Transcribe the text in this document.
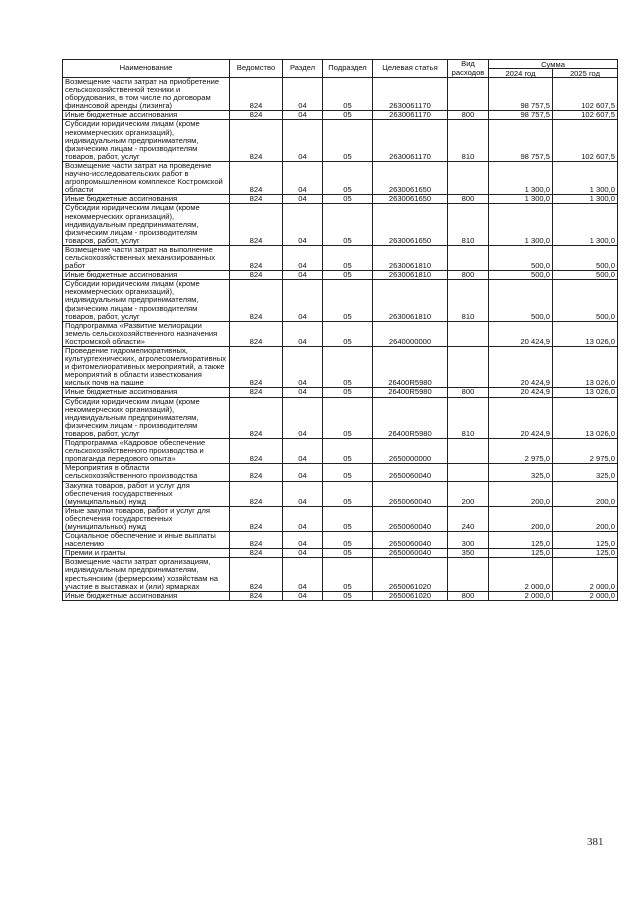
Наименование	Ведомство	Раздел	Подраздел	Целевая статья	Вид расходов	Сумма	
						2024 год	2025 год
Возмещение части затрат на приобретение сельскохозяйственной техники и оборудования, в том числе по договорам финансовой аренды (лизинга)	824	04	05	2630061170		98 757,5	102 607,5
Иные бюджетные ассигнования	824	04	05	2630061170	800	98 757,5	102 607,5
Субсидии юридическим лицам (кроме некоммерческих организаций), индивидуальным предпринимателям, физическим лицам - производителям товаров, работ, услуг	824	04	05	2630061170	810	98 757,5	102 607,5
Возмещение части затрат на проведение научно-исследовательских работ в агропромышленном комплексе Костромской области	824	04	05	2630061650		1 300,0	1 300,0
Иные бюджетные ассигнования	824	04	05	2630061650	800	1 300,0	1 300,0
Субсидии юридическим лицам (кроме некоммерческих организаций), индивидуальным предпринимателям, физическим лицам - производителям товаров, работ, услуг	824	04	05	2630061650	810	1 300,0	1 300,0
Возмещение части затрат на выполнение сельскохозяйственных механизированных работ	824	04	05	2630061810		500,0	500,0
Иные бюджетные ассигнования	824	04	05	2630061810	800	500,0	500,0
Субсидии юридическим лицам (кроме некоммерческих организаций), индивидуальным предпринимателям, физическим лицам - производителям товаров, работ, услуг	824	04	05	2630061810	810	500,0	500,0
Подпрограмма «Развитие мелиорации земель сельскохозяйственного назначения Костромской области»	824	04	05	2640000000		20 424,9	13 026,0
Проведение гидромелиоративных, культуртехнических, агролесомелиоративных и фитомелиоративных мероприятий, а также мероприятий в области известкования кислых почв на пашне	824	04	05	26400R5980		20 424,9	13 026,0
Иные бюджетные ассигнования	824	04	05	26400R5980	800	20 424,9	13 026,0
Субсидии юридическим лицам (кроме некоммерческих организаций), индивидуальным предпринимателям, физическим лицам - производителям товаров, работ, услуг	824	04	05	26400R5980	810	20 424,9	13 026,0
Подпрограмма «Кадровое обеспечение сельскохозяйственного производства и пропаганда передового опыта»	824	04	05	2650000000		2 975,0	2 975,0
Мероприятия в области сельскохозяйственного производства	824	04	05	2650060040		325,0	325,0
Закупка товаров, работ и услуг для обеспечения государственных (муниципальных) нужд	824	04	05	2650060040	200	200,0	200,0
Иные закупки товаров, работ и услуг для обеспечения государственных (муниципальных) нужд	824	04	05	2650060040	240	200,0	200,0
Социальное обеспечение и иные выплаты населению	824	04	05	2650060040	300	125,0	125,0
Премии и гранты	824	04	05	2650060040	350	125,0	125,0
Возмещение части затрат организациям, индивидуальным предпринимателям, крестьянским (фермерским) хозяйствам на участие в выставках и (или) ярмарках	824	04	05	2650061020		2 000,0	2 000,0
Иные бюджетные ассигнования	824	04	05	2650061020	800	2 000,0	2 000,0
381
